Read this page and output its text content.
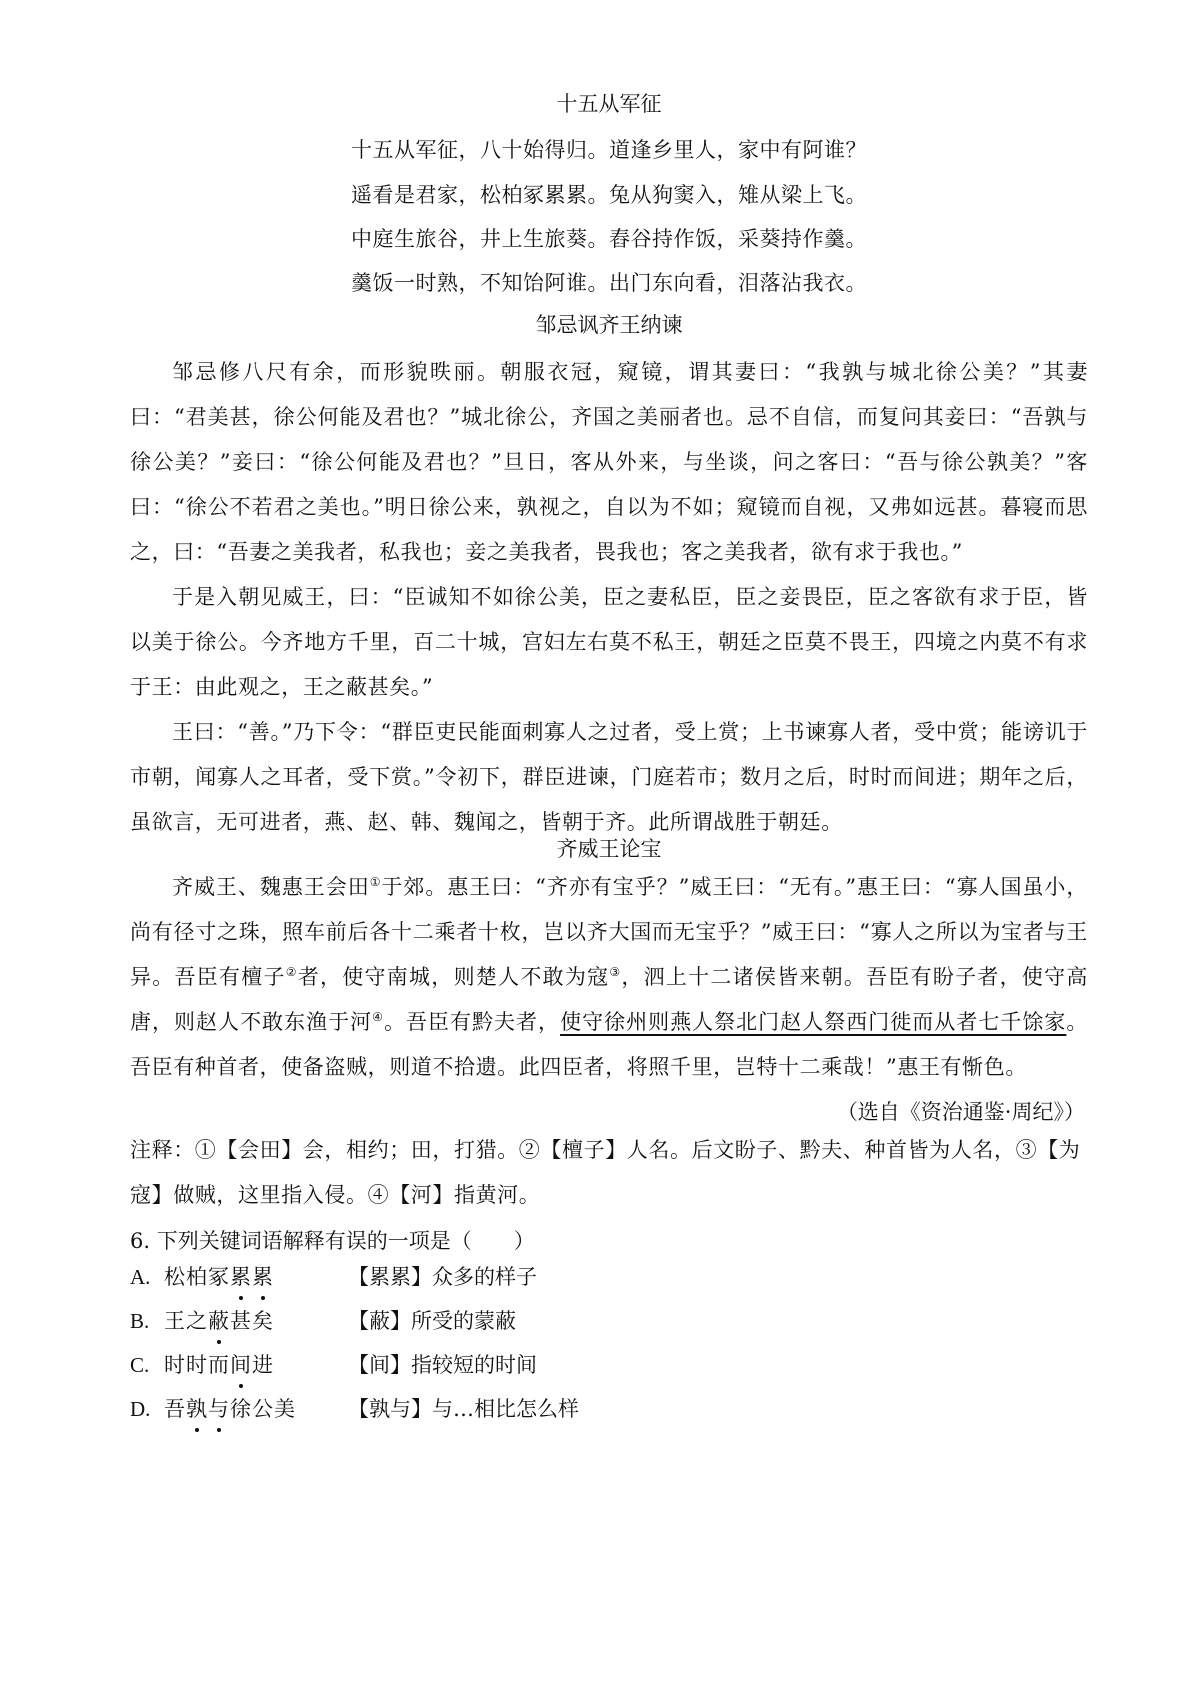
十五从军征

十五从军征，八十始得归。道逢乡里人，家中有阿谁？

遥看是君家，松柏冢累累。兔从狗窦入，雉从梁上飞。

中庭生旅谷，井上生旅葵。舂谷持作饭，采葵持作羹。

羹饭一时熟，不知饴阿谁。出门东向看，泪落沾我衣。

邹忌讽齐王纳谏

邹忌修八尺有余，而形貌昳丽。朝服衣冠，窥镜，谓其妻曰：“我孰与城北徐公美？”其妻曰：“君美甚，徐公何能及君也？”城北徐公，齐国之美丽者也。忌不自信，而复问其妾曰：“吾孰与徐公美？”妾曰：“徐公何能及君也？”旦日，客从外来，与坐谈，问之客曰：“吾与徐公孰美？”客曰：“徐公不若君之美也。”明日徐公来，孰视之，自以为不如；窥镜而自视，又弗如远甚。暮寝而思之，曰：“吾妻之美我者，私我也；妾之美我者，畏我也；客之美我者，欲有求于我也。”

于是入朝见威王，曰：“臣诚知不如徐公美，臣之妻私臣，臣之妾畏臣，臣之客欲有求于臣，皆以美于徐公。今齐地方千里，百二十城，宫妇左右莫不私王，朝廷之臣莫不畏王，四境之内莫不有求于王：由此观之，王之蔽甚矣。”

王曰：“善。”乃下令：“群臣吏民能面刺寡人之过者，受上赏；上书谏寡人者，受中赏；能谤讥于市朝，闻寡人之耳者，受下赏。”令初下，群臣进谏，门庭若市；数月之后，时时而间进；期年之后，虽欲言，无可进者，燕、赵、韩、魏闻之，皆朝于齐。此所谓战胜于朝廷。

齐威王论宝

齐威王、魏惠王会田①于郊。惠王曰：“齐亦有宝乎？”威王曰：“无有。”惠王曰：“寡人国虽小，尚有径寸之珠，照车前后各十二乘者十枚，岂以齐大国而无宝乎？”威王曰：“寡人之所以为宝者与王异。吾臣有檀子②者，使守南城，则楚人不敢为寇③，泗上十二诸侯皆来朝。吾臣有盼子者，使守高唐，则赵人不敢东渔于河④。吾臣有黔夫者，使守徐州则燕人祭北门赵人祭西门徙而从者七千馀家。吾臣有种首者，使备盗贼，则道不拾遗。此四臣者，将照千里，岂特十二乘哉！”惠王有惭色。

（选自《资治通鉴·周纪》）

注释：①【会田】会，相约；田，打猎。②【檀子】人名。后文盼子、黔夫、种首皆为人名，③【为寇】做贼，这里指入侵。④【河】指黄河。

6. 下列关键词语解释有误的一项是（　　）

A. 松柏冢累累	【累累】众多的样子
B. 王之蔽甚矣	【蔽】所受的蒙蔽
C. 时时而间进	【间】指较短的时间
D. 吾孰与徐公美 【孰与】与…相比怎么样
